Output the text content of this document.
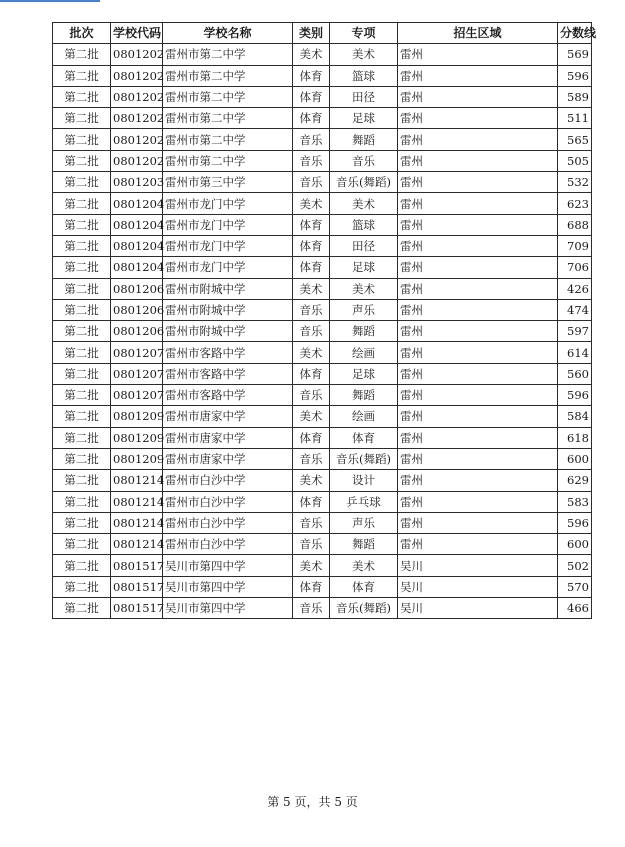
批次	学校代码	学校名称	类别	专项	招生区域	分数线
第二批	0801202	雷州市第二中学	美术	美术	雷州	569
第二批	0801202	雷州市第二中学	体育	篮球	雷州	596
第二批	0801202	雷州市第二中学	体育	田径	雷州	589
第二批	0801202	雷州市第二中学	体育	足球	雷州	511
第二批	0801202	雷州市第二中学	音乐	舞蹈	雷州	565
第二批	0801202	雷州市第二中学	音乐	音乐	雷州	505
第二批	0801203	雷州市第三中学	音乐	音乐(舞蹈)	雷州	532
第二批	0801204	雷州市龙门中学	美术	美术	雷州	623
第二批	0801204	雷州市龙门中学	体育	篮球	雷州	688
第二批	0801204	雷州市龙门中学	体育	田径	雷州	709
第二批	0801204	雷州市龙门中学	体育	足球	雷州	706
第二批	0801206	雷州市附城中学	美术	美术	雷州	426
第二批	0801206	雷州市附城中学	音乐	声乐	雷州	474
第二批	0801206	雷州市附城中学	音乐	舞蹈	雷州	597
第二批	0801207	雷州市客路中学	美术	绘画	雷州	614
第二批	0801207	雷州市客路中学	体育	足球	雷州	560
第二批	0801207	雷州市客路中学	音乐	舞蹈	雷州	596
第二批	0801209	雷州市唐家中学	美术	绘画	雷州	584
第二批	0801209	雷州市唐家中学	体育	体育	雷州	618
第二批	0801209	雷州市唐家中学	音乐	音乐(舞蹈)	雷州	600
第二批	0801214	雷州市白沙中学	美术	设计	雷州	629
第二批	0801214	雷州市白沙中学	体育	乒乓球	雷州	583
第二批	0801214	雷州市白沙中学	音乐	声乐	雷州	596
第二批	0801214	雷州市白沙中学	音乐	舞蹈	雷州	600
第二批	0801517	吴川市第四中学	美术	美术	吴川	502
第二批	0801517	吴川市第四中学	体育	体育	吴川	570
第二批	0801517	吴川市第四中学	音乐	音乐(舞蹈)	吴川	466
第 5 页，共 5 页
